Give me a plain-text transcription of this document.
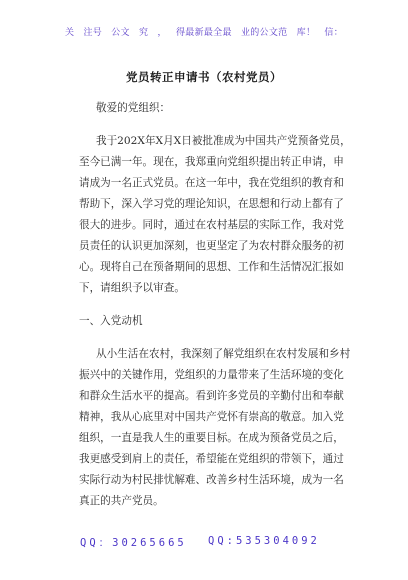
关 注号 公文 究 ， 得最新最全最 业的公文范 库！ 信：
党员转正申请书（农村党员）
敬爱的党组织：
我于202X年X月X日被批准成为中国共产党预备党员，
至今已满一年。现在，我郑重向党组织提出转正申请，申
请成为一名正式党员。在这一年中，我在党组织的教育和
帮助下，深入学习党的理论知识，在思想和行动上都有了
很大的进步。同时，通过在农村基层的实际工作，我对党
员责任的认识更加深刻，也更坚定了为农村群众服务的初
心。现将自己在预备期间的思想、工作和生活情况汇报如
下，请组织予以审查。
一、入党动机
从小生活在农村，我深刻了解党组织在农村发展和乡村
振兴中的关键作用，党组织的力量带来了生活环境的变化
和群众生活水平的提高。看到许多党员的辛勤付出和奉献
精神，我从心底里对中国共产党怀有崇高的敬意。加入党
组织，一直是我人生的重要目标。在成为预备党员之后，
我更感受到肩上的责任，希望能在党组织的带领下，通过
实际行动为村民排忧解难、改善乡村生活环境，成为一名
真正的共产党员。
QQ：30265665 QQ:535304092
